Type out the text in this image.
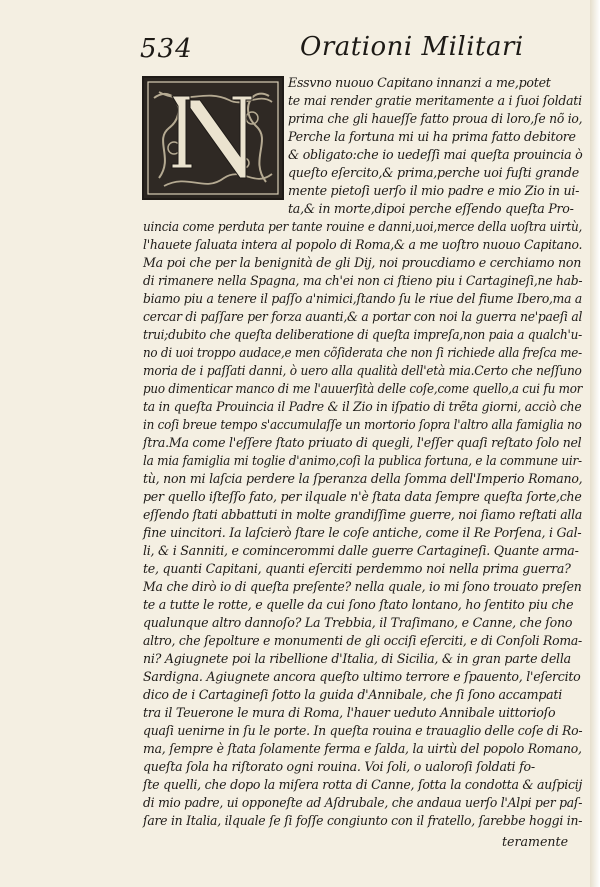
534	Orationi Militari
Essvno nuouo Capitano innanzi a me,potet
te mai render gratie meritamente a i ſuoi ſoldati
prima che gli haueſſe fatto proua di loro,ſe nõ io,
Perche la fortuna mi ui ha prima fatto debitore
& obligato:che io uedeſſi mai queſta prouincia ò
queſto eſercito,& prima,perche uoi fuſti grande
mente pietoſi uerſo il mio padre e mio Zio in ui-
ta,& in morte,dipoi perche eſſendo queſta Pro-
uincia come perduta per tante rouine e danni,uoi,merce della uoſtra uirtù,
l'hauete ſaluata intera al popolo di Roma,& a me uoſtro nuouo Capitano.
Ma poi che per la benignità de gli Dij, noi proucdiamo e cerchiamo non
di rimanere nella Spagna, ma ch'ei non ci ſtieno piu i Cartagineſi,ne hab-
biamo piu a tenere il paſſo a'nimici,ſtando ſu le riue del fiume Ibero,ma a
cercar di paſſare per forza auanti,& a portar con noi la guerra ne'paeſi al
trui;dubito che queſta deliberatione di queſta impreſa,non paia a qualch'u-
no di uoi troppo audace,e men cõſiderata che non ſi richiede alla freſca me-
moria de i paſſati danni, ò uero alla qualità dell'età mia.Certo che neſſuno
puo dimenticar manco di me l'auuerſità delle coſe,come quello,a cui fu mor
ta in queſta Prouincia il Padre & il Zio in iſpatio di trẽta giorni, acciò che
in coſi breue tempo s'accumulaſſe un mortorio ſopra l'altro alla famiglia no
ſtra.Ma come l'eſſere ſtato priuato di quegli, l'eſſer quaſi reſtato ſolo nel
la mia famiglia mi toglie d'animo,coſi la publica fortuna, e la commune uir-
tù, non mi laſcia perdere la ſperanza della ſomma dell'Imperio Romano,
per quello iſteſſo fato, per ilquale n'è ſtata data ſempre queſta ſorte,che
eſſendo ſtati abbattuti in molte grandiſſime guerre, noi ſiamo reſtati alla
fine uincitori. Ia laſcierò ſtare le coſe antiche, come il Re Porſena, i Gal-
li, & i Sanniti, e comincerommi dalle guerre Cartagineſi. Quante arma-
te, quanti Capitani, quanti eſerciti perdemmo noi nella prima guerra?
Ma che dirò io di queſta preſente? nella quale, io mi ſono trouato preſen
te a tutte le rotte, e quelle da cui ſono ſtato lontano, ho ſentito piu che
qualunque altro dannoſo? La Trebbia, il Traſimano, e Canne, che ſono
altro, che ſepolture e monumenti de gli occiſi eſerciti, e di Conſoli Roma-
ni? Agiugnete poi la ribellione d'Italia, di Sicilia, & in gran parte della
Sardigna. Agiugnete ancora queſto ultimo terrore e ſpauento, l'eſercito
dico de i Cartagineſi ſotto la guida d'Annibale, che ſi ſono accampati
tra il Teuerone le mura di Roma, l'hauer ueduto Annibale uittorioſo
quaſi uenirne in ſu le porte. In queſta rouina e trauaglio delle coſe di Ro-
ma, ſempre è ſtata ſolamente ferma e ſalda, la uirtù del popolo Romano,
queſta ſola ha riſtorato ogni rouina. Voi ſoli, o ualoroſi ſoldati fo-
ſte quelli, che dopo la miſera rotta di Canne, ſotta la condotta & auſpicij
di mio padre, ui opponeſte ad Aſdrubale, che andaua uerſo l'Alpi per paſ-
ſare in Italia, ilquale ſe ſi foſſe congiunto con il fratello, ſarebbe hoggi in-
teramente
